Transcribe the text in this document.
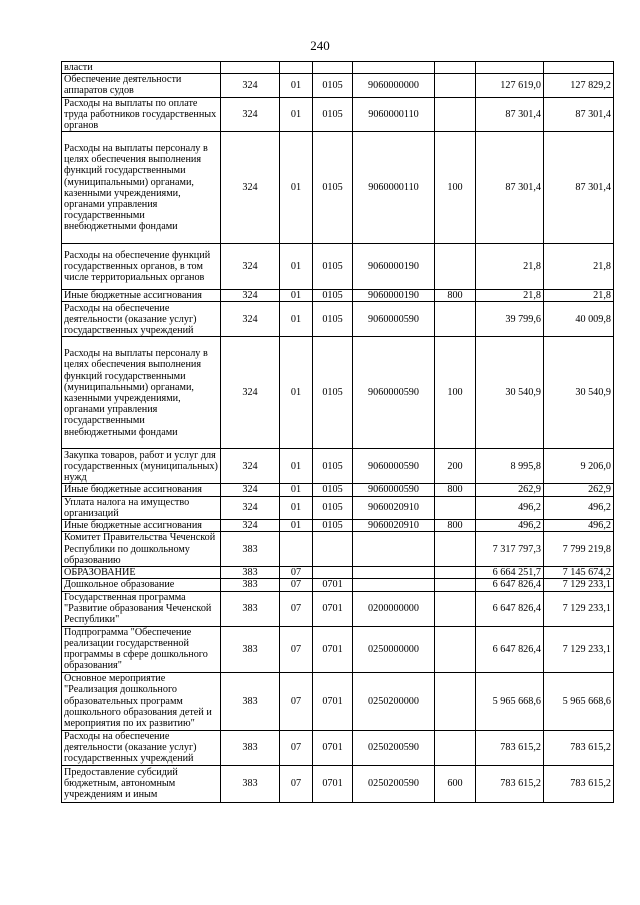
240
власти							
Обеспечение деятельности аппаратов судов	324	01	0105	9060000000		127 619,0	127 829,2
Расходы на выплаты по оплате труда работников государственных органов	324	01	0105	9060000110		87 301,4	87 301,4
Расходы на выплаты персоналу в целях обеспечения выполнения функций государственными (муниципальными) органами, казенными учреждениями, органами управления государственными внебюджетными фондами	324	01	0105	9060000110	100	87 301,4	87 301,4
Расходы на обеспечение функций государственных органов, в том числе территориальных органов	324	01	0105	9060000190		21,8	21,8
Иные бюджетные ассигнования	324	01	0105	9060000190	800	21,8	21,8
Расходы на обеспечение деятельности (оказание услуг) государственных учреждений	324	01	0105	9060000590		39 799,6	40 009,8
Расходы на выплаты персоналу в целях обеспечения выполнения функций государственными (муниципальными) органами, казенными учреждениями, органами управления государственными внебюджетными фондами	324	01	0105	9060000590	100	30 540,9	30 540,9
Закупка товаров, работ и услуг для государственных (муниципальных) нужд	324	01	0105	9060000590	200	8 995,8	9 206,0
Иные бюджетные ассигнования	324	01	0105	9060000590	800	262,9	262,9
Уплата налога на имущество организаций	324	01	0105	9060020910		496,2	496,2
Иные бюджетные ассигнования	324	01	0105	9060020910	800	496,2	496,2
Комитет Правительства Чеченской Республики по дошкольному образованию	383					7 317 797,3	7 799 219,8
ОБРАЗОВАНИЕ	383	07				6 664 251,7	7 145 674,2
Дошкольное образование	383	07	0701			6 647 826,4	7 129 233,1
Государственная программа "Развитие образования Чеченской Республики"	383	07	0701	0200000000		6 647 826,4	7 129 233,1
Подпрограмма "Обеспечение реализации государственной программы в сфере дошкольного образования"	383	07	0701	0250000000		6 647 826,4	7 129 233,1
Основное мероприятие "Реализация дошкольного образовательных программ дошкольного образования детей и мероприятия по их развитию"	383	07	0701	0250200000		5 965 668,6	5 965 668,6
Расходы на обеспечение деятельности (оказание услуг) государственных учреждений	383	07	0701	0250200590		783 615,2	783 615,2
Предоставление субсидий бюджетным, автономным учреждениям и иным	383	07	0701	0250200590	600	783 615,2	783 615,2
